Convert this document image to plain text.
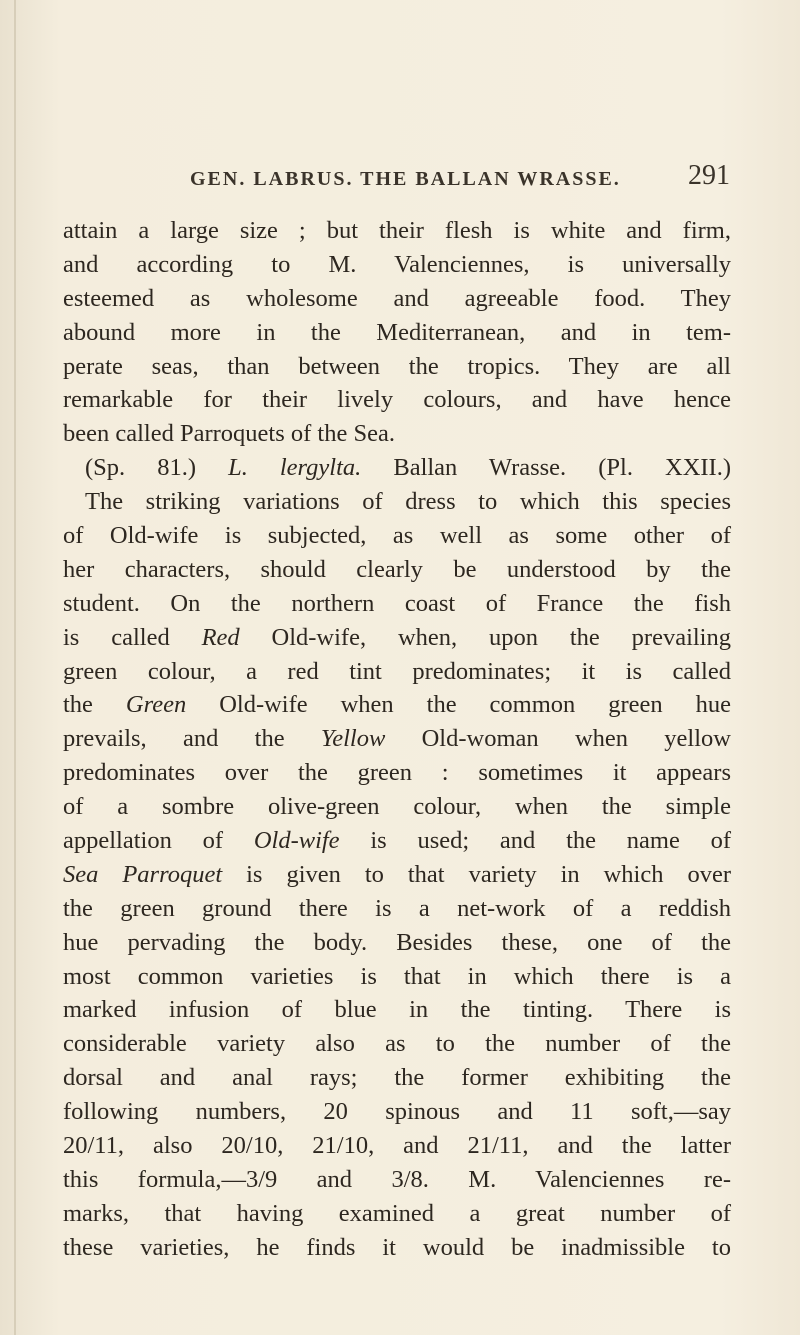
GEN. LABRUS. THE BALLAN WRASSE. 291
attain a large size ; but their flesh is white and firm,
and according to M. Valenciennes, is universally
esteemed as wholesome and agreeable food. They
abound more in the Mediterranean, and in tem-
perate seas, than between the tropics. They are all
remarkable for their lively colours, and have hence
been called Parroquets of the Sea.
(Sp. 81.) L. lergylta. Ballan Wrasse. (Pl. XXII.)
The striking variations of dress to which this species
of Old-wife is subjected, as well as some other of
her characters, should clearly be understood by the
student. On the northern coast of France the fish
is called Red Old-wife, when, upon the prevailing
green colour, a red tint predominates; it is called
the Green Old-wife when the common green hue
prevails, and the Yellow Old-woman when yellow
predominates over the green : sometimes it appears
of a sombre olive-green colour, when the simple
appellation of Old-wife is used; and the name of
Sea Parroquet is given to that variety in which over
the green ground there is a net-work of a reddish
hue pervading the body. Besides these, one of the
most common varieties is that in which there is a
marked infusion of blue in the tinting. There is
considerable variety also as to the number of the
dorsal and anal rays; the former exhibiting the
following numbers, 20 spinous and 11 soft,—say
20/11, also 20/10, 21/10, and 21/11, and the latter
this formula,—3/9 and 3/8. M. Valenciennes re-
marks, that having examined a great number of
these varieties, he finds it would be inadmissible to
